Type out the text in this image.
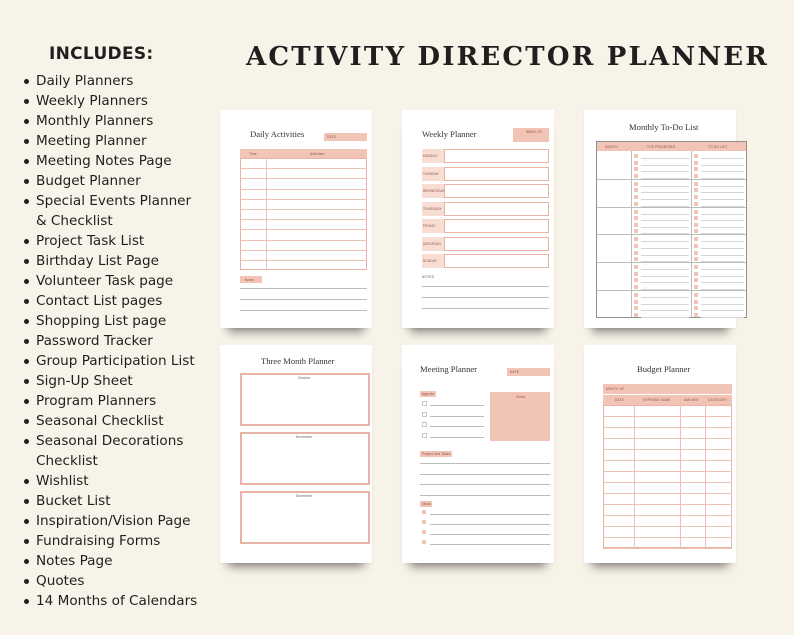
INCLUDES:
Daily Planners
Weekly Planners
Monthly Planners
Meeting Planner
Meeting Notes Page
Budget Planner
Special Events Planner
& Checklist
Project Task List
Birthday List Page
Volunteer Task page
Contact List pages
Shopping List page
Password Tracker
Group Participation List
Sign-Up Sheet
Program Planners
Seasonal Checklist
Seasonal Decorations
Checklist
Wishlist
Bucket List
Inspiration/Vision Page
Fundraising Forms
Notes Page
Quotes
14 Months of Calendars
ACTIVITY DIRECTOR PLANNER
Daily Activities	DATE
Time	Activities
Notes
Weekly Planner	WEEK OF
MONDAY
TUESDAY
WEDNESDAY
THURSDAY
FRIDAY
SATURDAY
SUNDAY
NOTES
Monthly To-Do List
MONTH	TOP PRIORITIES	TO DO LIST
Three Month Planner
October
November
December
Meeting Planner	DATE
Agenda
Goals
Project and Tasks
Ideas
Budget Planner
MONTH OF
DATE	EXPENSE NAME	AMOUNT	CATEGORY
